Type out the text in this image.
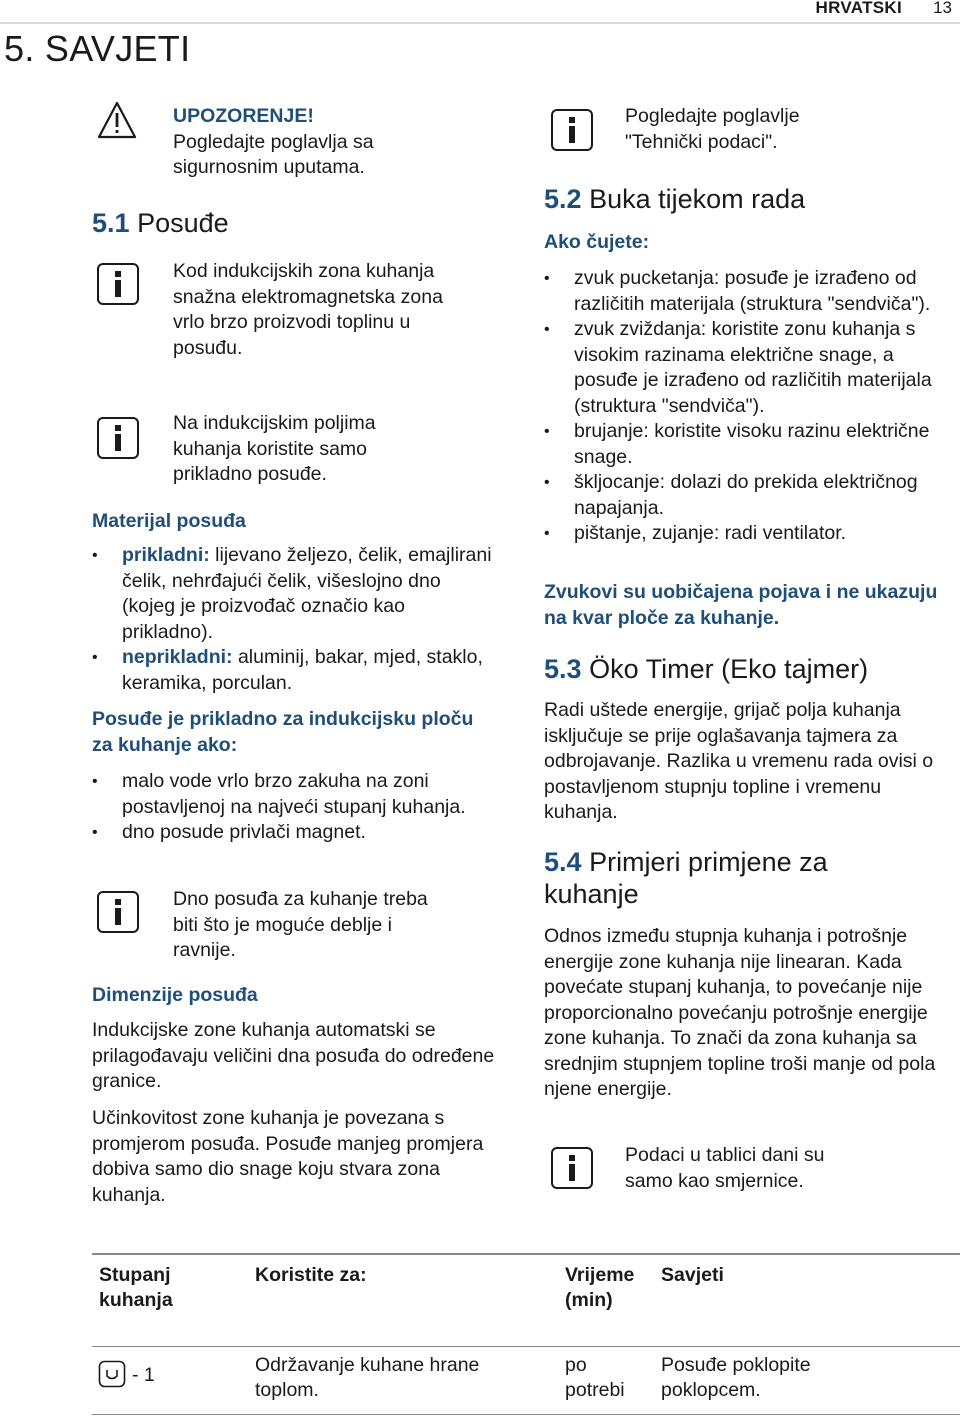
HRVATSKI 13
5. SAVJETI

UPOZORENJE!

Pogledajte poglavlja sa sigurnosnim uputama.

5.1 Posuđe

Kod indukcijskih zona kuhanja snažna elektromagnetska zona vrlo brzo proizvodi toplinu u posuđu.

Na indukcijskim poljima kuhanja koristite samo prikladno posuđe.

Materijal posuđa
• prikladni: lijevano željezo, čelik, emajlirani čelik, nehrđajući čelik, višeslojno dno (kojeg je proizvođač označio kao prikladno).
• neprikladni: aluminij, bakar, mjed, staklo, keramika, porculan.
Posuđe je prikladno za indukcijsku ploču za kuhanje ako:
• malo vode vrlo brzo zakuha na zoni postavljenoj na najveći stupanj kuhanja.
• dno posude privlači magnet.

Dno posuđa za kuhanje treba biti što je moguće deblje i ravnije.

Dimenzije posuđa

Indukcijske zone kuhanja automatski se prilagođavaju veličini dna posuđa do određene granice.

Učinkovitost zone kuhanja je povezana s promjerom posuđa. Posuđe manjeg promjera dobiva samo dio snage koju stvara zona kuhanja.

Pogledajte poglavlje "Tehnički podaci".

5.2 Buka tijekom rada
Ako čujete:
• zvuk pucketanja: posuđe je izrađeno od različitih materijala (struktura "sendviča").
• zvuk zviždanja: koristite zonu kuhanja s visokim razinama električne snage, a posuđe je izrađeno od različitih materijala (struktura "sendviča").
• brujanje: koristite visoku razinu električne snage.
• škljocanje: dolazi do prekida električnog napajanja.
• pištanje, zujanje: radi ventilator.
Zvukovi su uobičajena pojava i ne ukazuju na kvar ploče za kuhanje.
5.3 Öko Timer (Eko tajmer)

Radi uštede energije, grijač polja kuhanja isključuje se prije oglašavanja tajmera za odbrojavanje. Razlika u vremenu rada ovisi o postavljenom stupnju topline i vremenu kuhanja.

5.4 Primjeri primjene za kuhanje

Odnos između stupnja kuhanja i potrošnje energije zone kuhanja nije linearan. Kada povećate stupanj kuhanja, to povećanje nije proporcionalno povećanju potrošnje energije zone kuhanja. To znači da zona kuhanja sa srednjim stupnjem topline troši manje od pola njene energije.

Podaci u tablici dani su samo kao smjernice.

Stupanj kuhanja
Koristite za:	Vrijeme (min)
Savjeti
- 1	Održavanje kuhane hrane toplom.
po potrebi
Posuđe poklopite poklopcem.
